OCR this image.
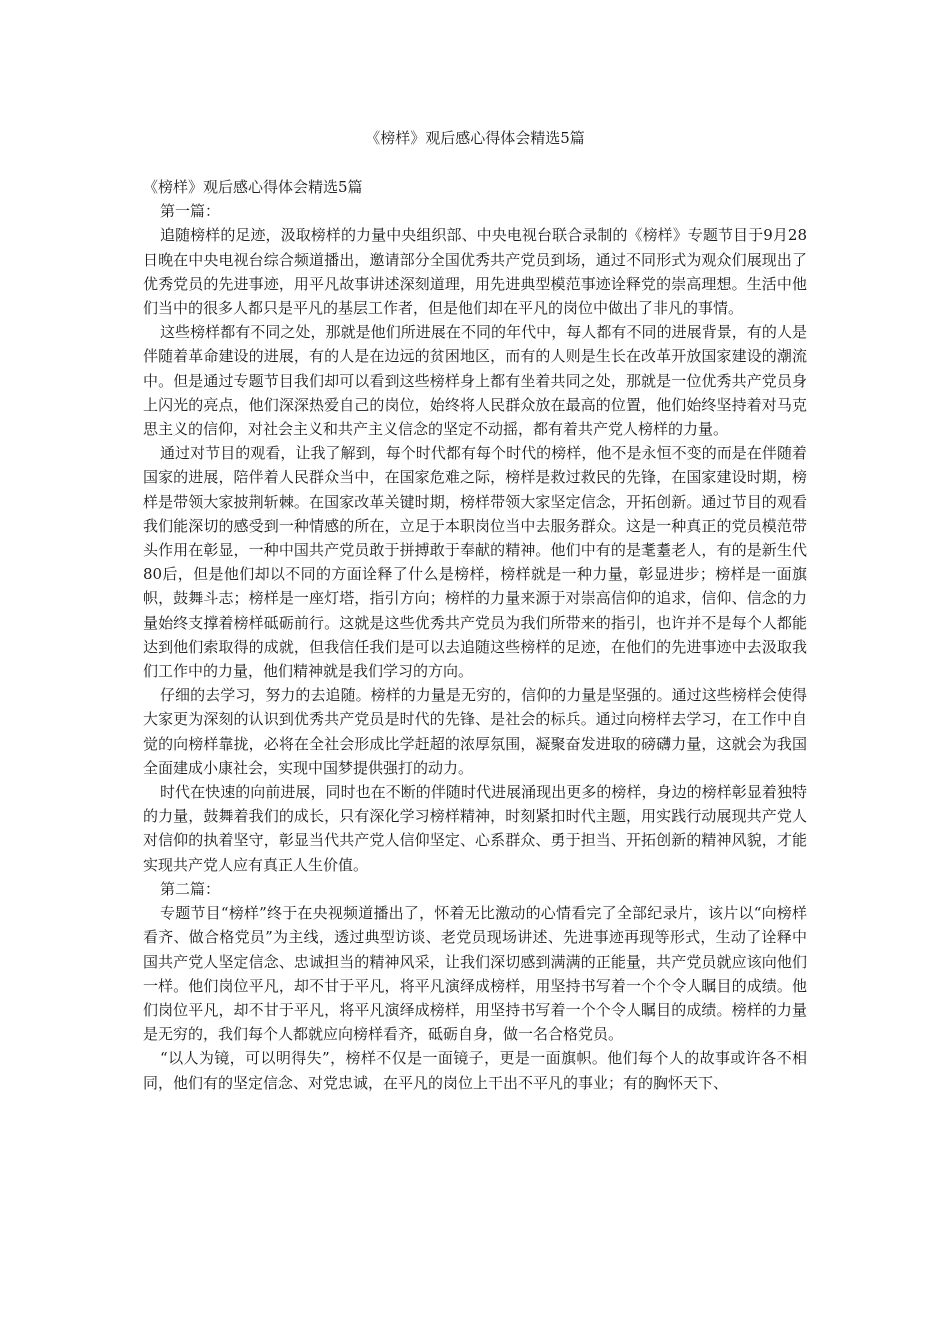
《榜样》观后感心得体会精选5篇

《榜样》观后感心得体会精选5篇

第一篇：

追随榜样的足迹，汲取榜样的力量中央组织部、中央电视台联合录制的《榜样》专题节目于9月28日晚在中央电视台综合频道播出，邀请部分全国优秀共产党员到场，通过不同形式为观众们展现出了优秀党员的先进事迹，用平凡故事讲述深刻道理，用先进典型模范事迹诠释党的崇高理想。生活中他们当中的很多人都只是平凡的基层工作者，但是他们却在平凡的岗位中做出了非凡的事情。

这些榜样都有不同之处，那就是他们所进展在不同的年代中，每人都有不同的进展背景，有的人是伴随着革命建设的进展，有的人是在边远的贫困地区，而有的人则是生长在改革开放国家建设的潮流中。但是通过专题节目我们却可以看到这些榜样身上都有坐着共同之处，那就是一位优秀共产党员身上闪光的亮点，他们深深热爱自己的岗位，始终将人民群众放在最高的位置，他们始终坚持着对马克思主义的信仰，对社会主义和共产主义信念的坚定不动摇，都有着共产党人榜样的力量。

通过对节目的观看，让我了解到，每个时代都有每个时代的榜样，他不是永恒不变的而是在伴随着国家的进展，陪伴着人民群众当中，在国家危难之际，榜样是救过救民的先锋，在国家建设时期，榜样是带领大家披荆斩棘。在国家改革关键时期，榜样带领大家坚定信念，开拓创新。通过节目的观看我们能深切的感受到一种情感的所在，立足于本职岗位当中去服务群众。这是一种真正的党员模范带头作用在彰显，一种中国共产党员敢于拼搏敢于奉献的精神。他们中有的是耄耋老人，有的是新生代80后，但是他们却以不同的方面诠释了什么是榜样，榜样就是一种力量，彰显进步；榜样是一面旗帜，鼓舞斗志；榜样是一座灯塔，指引方向；榜样的力量来源于对崇高信仰的追求，信仰、信念的力量始终支撑着榜样砥砺前行。这就是这些优秀共产党员为我们所带来的指引，也许并不是每个人都能达到他们索取得的成就，但我信任我们是可以去追随这些榜样的足迹，在他们的先进事迹中去汲取我们工作中的力量，他们精神就是我们学习的方向。

仔细的去学习，努力的去追随。榜样的力量是无穷的，信仰的力量是坚强的。通过这些榜样会使得大家更为深刻的认识到优秀共产党员是时代的先锋、是社会的标兵。通过向榜样去学习，在工作中自觉的向榜样靠拢，必将在全社会形成比学赶超的浓厚氛围，凝聚奋发进取的磅礴力量，这就会为我国全面建成小康社会，实现中国梦提供强打的动力。

时代在快速的向前进展，同时也在不断的伴随时代进展涌现出更多的榜样，身边的榜样彰显着独特的力量，鼓舞着我们的成长，只有深化学习榜样精神，时刻紧扣时代主题，用实践行动展现共产党人对信仰的执着坚守，彰显当代共产党人信仰坚定、心系群众、勇于担当、开拓创新的精神风貌，才能实现共产党人应有真正人生价值。

第二篇：

专题节目“榜样”终于在央视频道播出了，怀着无比激动的心情看完了全部纪录片，该片以“向榜样看齐、做合格党员”为主线，透过典型访谈、老党员现场讲述、先进事迹再现等形式，生动了诠释中国共产党人坚定信念、忠诚担当的精神风采，让我们深切感到满满的正能量，共产党员就应该向他们一样。他们岗位平凡，却不甘于平凡，将平凡演绎成榜样，用坚持书写着一个个令人瞩目的成绩。他们岗位平凡，却不甘于平凡，将平凡演绎成榜样，用坚持书写着一个个令人瞩目的成绩。榜样的力量是无穷的，我们每个人都就应向榜样看齐，砥砺自身，做一名合格党员。

“以人为镜，可以明得失”，榜样不仅是一面镜子，更是一面旗帜。他们每个人的故事或许各不相同，他们有的坚定信念、对党忠诚，在平凡的岗位上干出不平凡的事业；有的胸怀天下、
